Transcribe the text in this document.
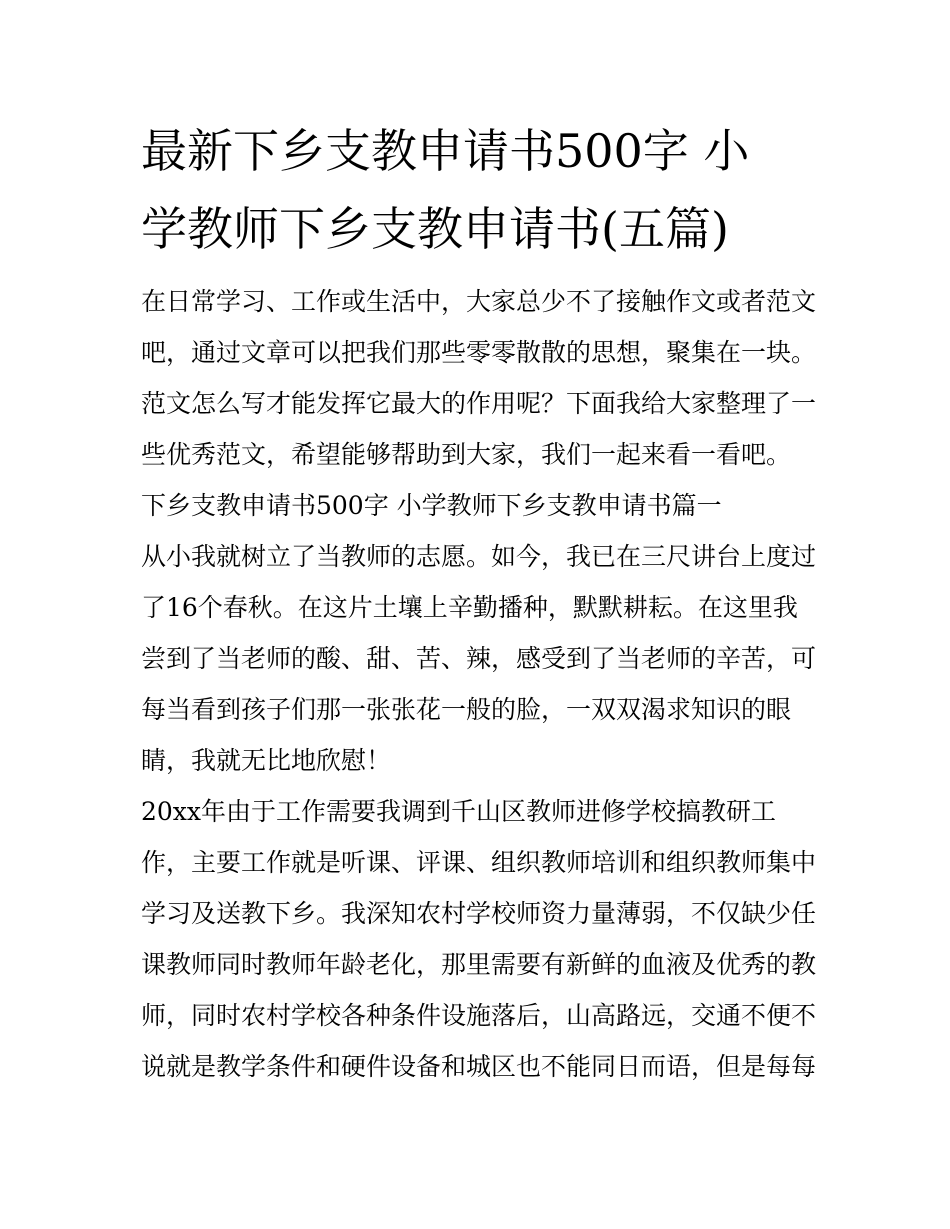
最新下乡支教申请书500字 小
学教师下乡支教申请书(五篇)
在日常学习、工作或生活中，大家总少不了接触作文或者范文
吧，通过文章可以把我们那些零零散散的思想，聚集在一块。
范文怎么写才能发挥它最大的作用呢？下面我给大家整理了一
些优秀范文，希望能够帮助到大家，我们一起来看一看吧。
下乡支教申请书500字 小学教师下乡支教申请书篇一
从小我就树立了当教师的志愿。如今，我已在三尺讲台上度过
了16个春秋。在这片土壤上辛勤播种，默默耕耘。在这里我
尝到了当老师的酸、甜、苦、辣，感受到了当老师的辛苦，可
每当看到孩子们那一张张花一般的脸，一双双渴求知识的眼
睛，我就无比地欣慰！
20xx年由于工作需要我调到千山区教师进修学校搞教研工
作，主要工作就是听课、评课、组织教师培训和组织教师集中
学习及送教下乡。我深知农村学校师资力量薄弱，不仅缺少任
课教师同时教师年龄老化，那里需要有新鲜的血液及优秀的教
师，同时农村学校各种条件设施落后，山高路远，交通不便不
说就是教学条件和硬件设备和城区也不能同日而语，但是每每
